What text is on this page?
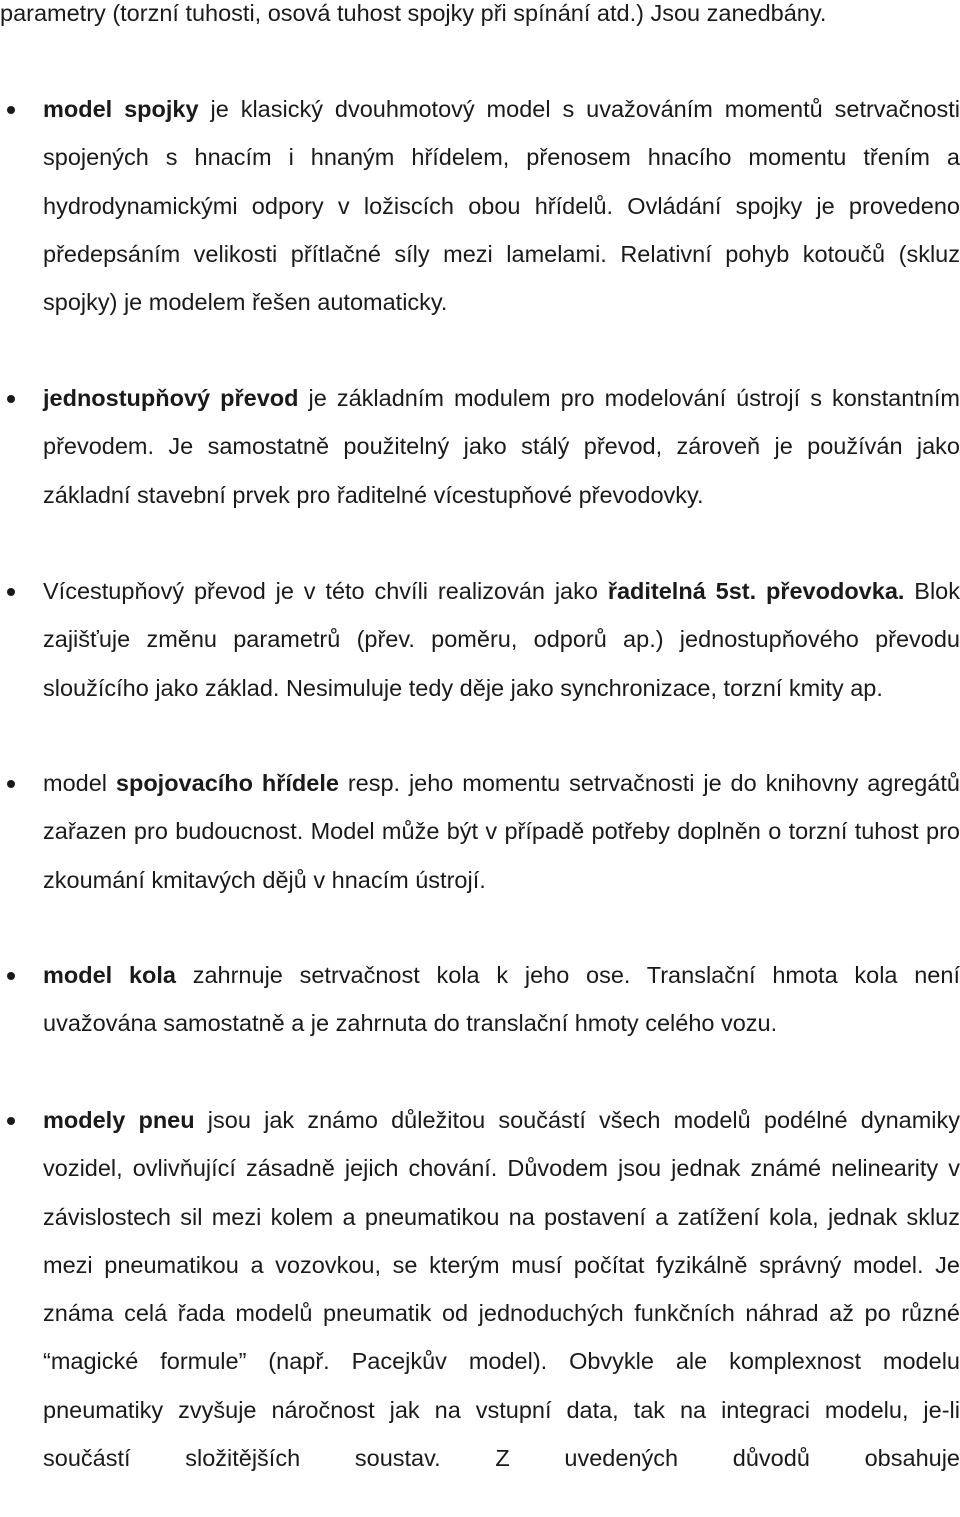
parametry (torzní tuhosti, osová tuhost spojky při spínání atd.) Jsou zanedbány.

model spojky je klasický dvouhmotový model s uvažováním momentů setrvačnosti spojených s hnacím i hnaným hřídelem, přenosem hnacího momentu třením a hydrodynamickými odpory v ložiscích obou hřídelů. Ovládání spojky je provedeno předepsáním velikosti přítlačné síly mezi lamelami. Relativní pohyb kotoučů (skluz spojky) je modelem řešen automaticky.

jednostupňový převod je základním modulem pro modelování ústrojí s konstantním převodem. Je samostatně použitelný jako stálý převod, zároveň je používán jako základní stavební prvek pro řaditelné vícestupňové převodovky.

Vícestupňový převod je v této chvíli realizován jako řaditelná 5st. převodovka. Blok zajišťuje změnu parametrů (přev. poměru, odporů ap.) jednostupňového převodu sloužícího jako základ. Nesimuluje tedy děje jako synchronizace, torzní kmity ap.

model spojovacího hřídele resp. jeho momentu setrvačnosti je do knihovny agregátů zařazen pro budoucnost. Model může být v případě potřeby doplněn o torzní tuhost pro zkoumání kmitavých dějů v hnacím ústrojí.

model kola zahrnuje setrvačnost kola k jeho ose. Translační hmota kola není uvažována samostatně a je zahrnuta do translační hmoty celého vozu.

modely pneu jsou jak známo důležitou součástí všech modelů podélné dynamiky vozidel, ovlivňující zásadně jejich chování. Důvodem jsou jednak známé nelinearity v závislostech sil mezi kolem a pneumatikou na postavení a zatížení kola, jednak skluz mezi pneumatikou a vozovkou, se kterým musí počítat fyzikálně správný model. Je známa celá řada modelů pneumatik od jednoduchých funkčních náhrad až po různé “magické formule” (např. Pacejkův model). Obvykle ale komplexnost modelu pneumatiky zvyšuje náročnost jak na vstupní data, tak na integraci modelu, je-li součástí složitějších soustav. Z uvedených důvodů obsahuje
